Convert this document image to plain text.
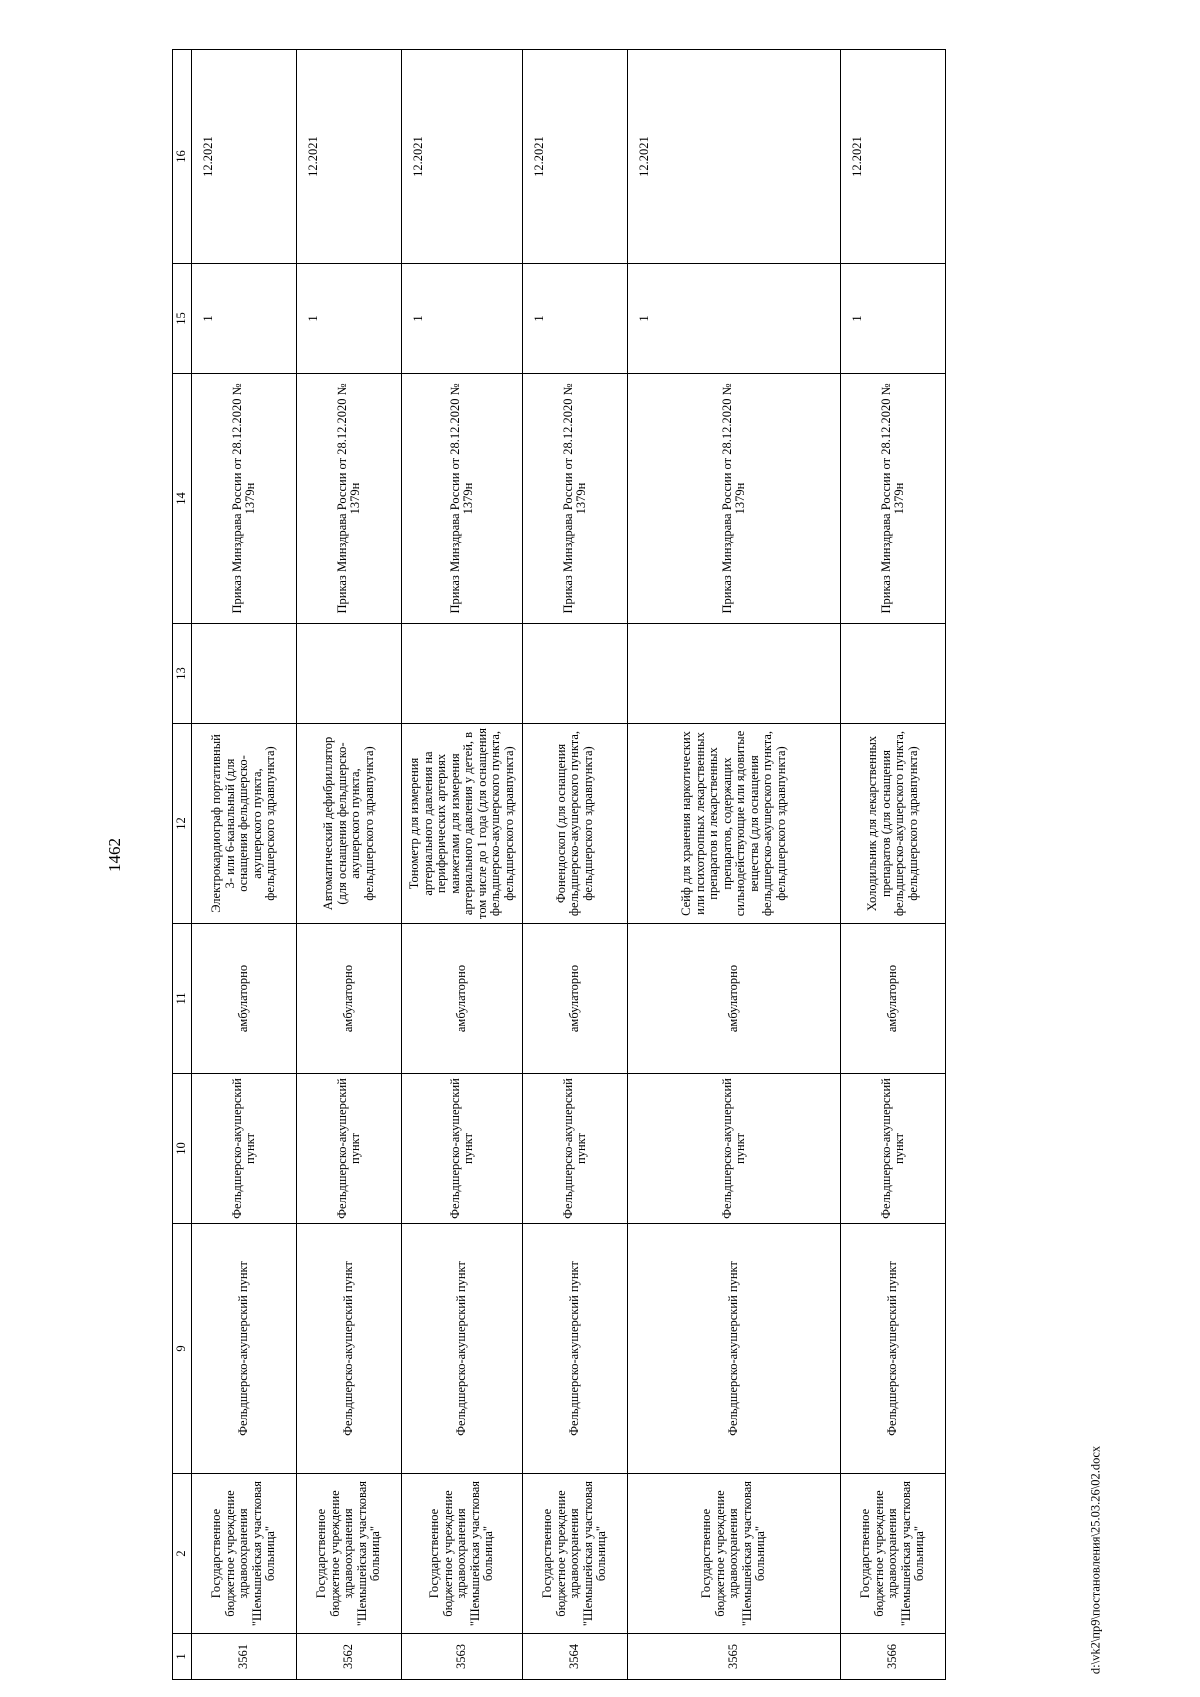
1462
d:\vk2\пр9\постановления\25.03.26\02.docx
1	2	9	10	11	12	13	14	15	16
3561	Государственное бюджетное учреждение здравоохранения "Шемышейская участковая больница"	Фельдшерско-акушерский пункт	Фельдшерско-акушерский пункт	амбулаторно	Электрокардиограф портативный 3- или 6-канальный (для оснащения фельдшерско-акушерского пункта, фельдшерского здравпункта)		Приказ Минздрава России от 28.12.2020 № 1379н	1	12.2021
3562	Государственное бюджетное учреждение здравоохранения "Шемышейская участковая больница"	Фельдшерско-акушерский пункт	Фельдшерско-акушерский пункт	амбулаторно	Автоматический дефибриллятор (для оснащения фельдшерско-акушерского пункта, фельдшерского здравпункта)		Приказ Минздрава России от 28.12.2020 № 1379н	1	12.2021
3563	Государственное бюджетное учреждение здравоохранения "Шемышейская участковая больница"	Фельдшерско-акушерский пункт	Фельдшерско-акушерский пункт	амбулаторно	Тонометр для измерения артериального давления на периферических артериях манжетами для измерения артериального давления у детей, в том числе до 1 года (для оснащения фельдшерско-акушерского пункта, фельдшерского здравпункта)		Приказ Минздрава России от 28.12.2020 № 1379н	1	12.2021
3564	Государственное бюджетное учреждение здравоохранения "Шемышейская участковая больница"	Фельдшерско-акушерский пункт	Фельдшерско-акушерский пункт	амбулаторно	Фонендоскоп (для оснащения фельдшерско-акушерского пункта, фельдшерского здравпункта)		Приказ Минздрава России от 28.12.2020 № 1379н	1	12.2021
3565	Государственное бюджетное учреждение здравоохранения "Шемышейская участковая больница"	Фельдшерско-акушерский пункт	Фельдшерско-акушерский пункт	амбулаторно	Сейф для хранения наркотических или психотропных лекарственных препаратов и лекарственных препаратов, содержащих сильнодействующие или ядовитые вещества (для оснащения фельдшерско-акушерского пункта, фельдшерского здравпункта)		Приказ Минздрава России от 28.12.2020 № 1379н	1	12.2021
3566	Государственное бюджетное учреждение здравоохранения "Шемышейская участковая больница"	Фельдшерско-акушерский пункт	Фельдшерско-акушерский пункт	амбулаторно	Холодильник для лекарственных препаратов (для оснащения фельдшерско-акушерского пункта, фельдшерского здравпункта)		Приказ Минздрава России от 28.12.2020 № 1379н	1	12.2021
